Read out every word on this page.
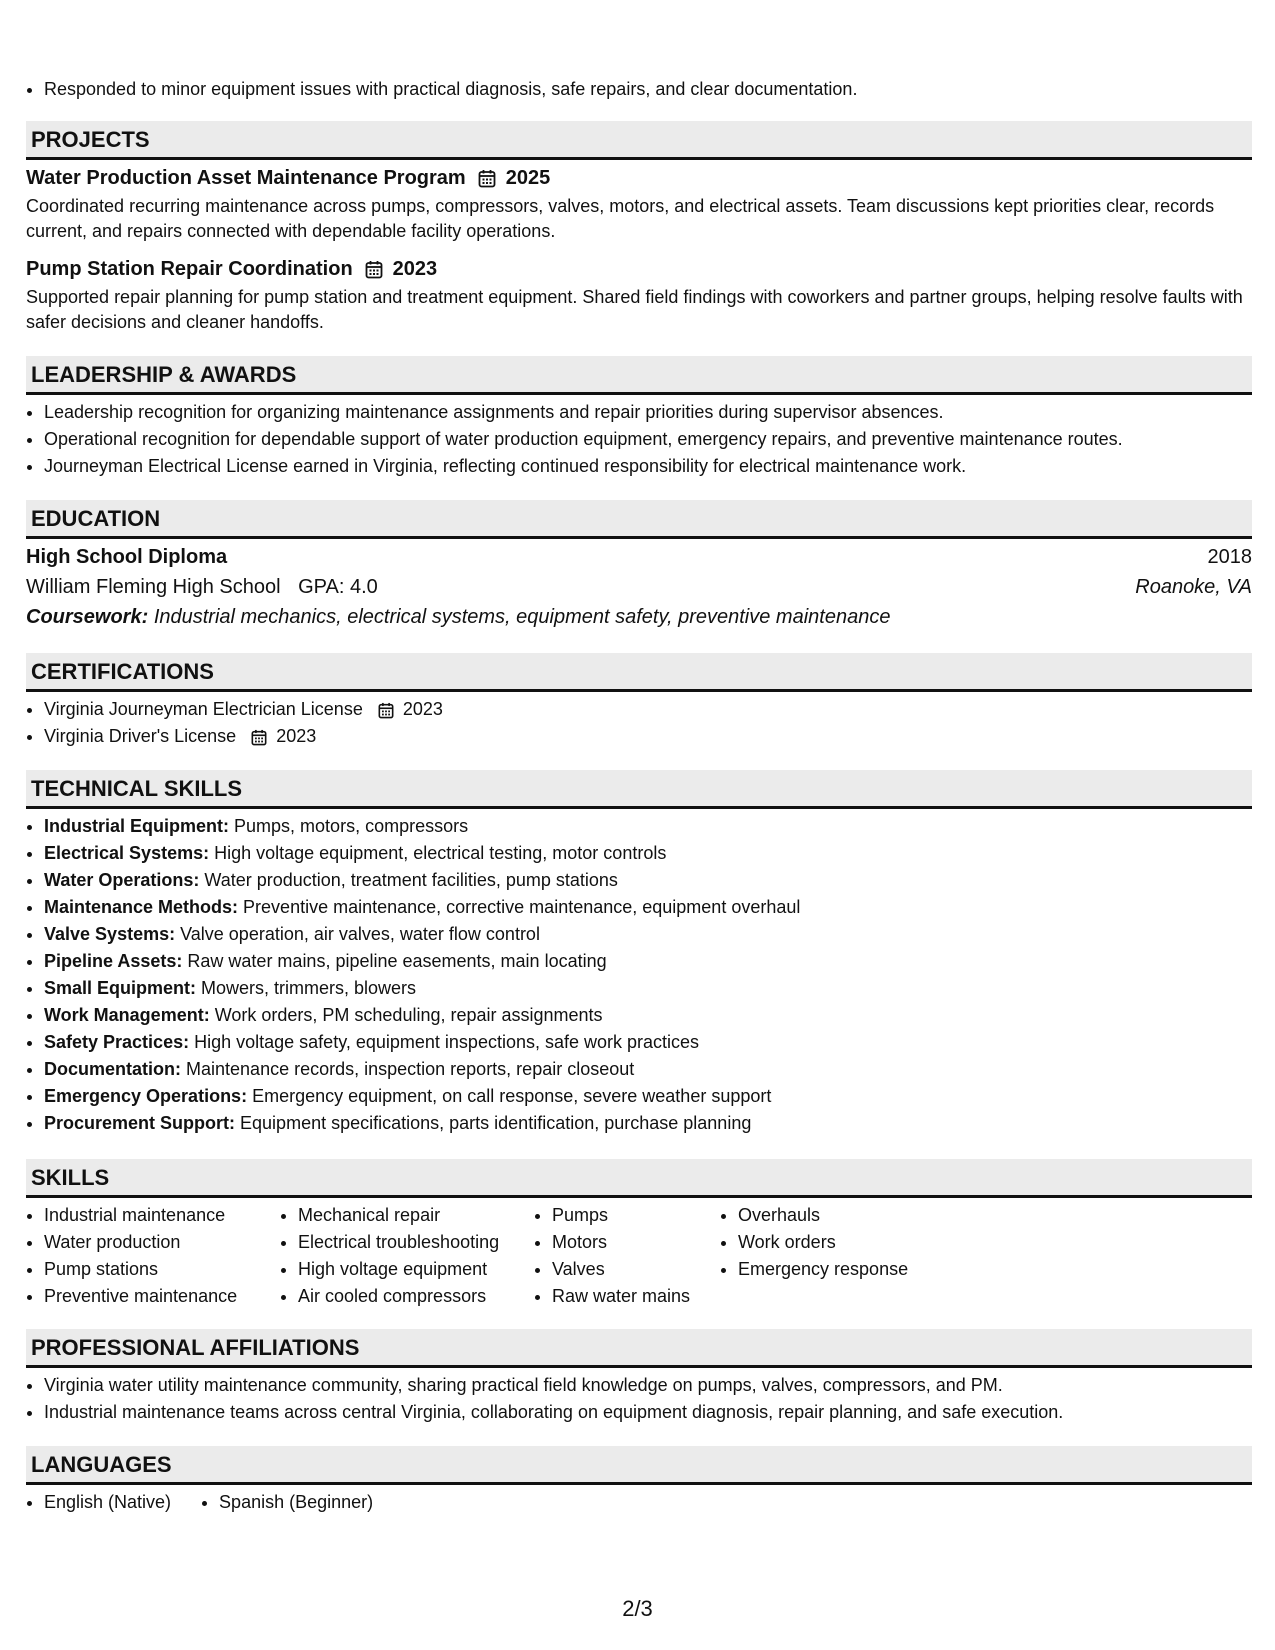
• Responded to minor equipment issues with practical diagnosis, safe repairs, and clear documentation.
PROJECTS
Water Production Asset Maintenance Program 2025
Coordinated recurring maintenance across pumps, compressors, valves, motors, and electrical assets. Team discussions kept priorities clear, records current, and repairs connected with dependable facility operations.
Pump Station Repair Coordination 2023
Supported repair planning for pump station and treatment equipment. Shared field findings with coworkers and partner groups, helping resolve faults with safer decisions and cleaner handoffs.
LEADERSHIP & AWARDS
• Leadership recognition for organizing maintenance assignments and repair priorities during supervisor absences.
• Operational recognition for dependable support of water production equipment, emergency repairs, and preventive maintenance routes.
• Journeyman Electrical License earned in Virginia, reflecting continued responsibility for electrical maintenance work.
EDUCATION
High School Diploma	2018
William Fleming High School GPA: 4.0	Roanoke, VA
Coursework: Industrial mechanics, electrical systems, equipment safety, preventive maintenance
CERTIFICATIONS
• Virginia Journeyman Electrician License 2023
• Virginia Driver's License 2023
TECHNICAL SKILLS
• Industrial Equipment: Pumps, motors, compressors
• Electrical Systems: High voltage equipment, electrical testing, motor controls
• Water Operations: Water production, treatment facilities, pump stations
• Maintenance Methods: Preventive maintenance, corrective maintenance, equipment overhaul
• Valve Systems: Valve operation, air valves, water flow control
• Pipeline Assets: Raw water mains, pipeline easements, main locating
• Small Equipment: Mowers, trimmers, blowers
• Work Management: Work orders, PM scheduling, repair assignments
• Safety Practices: High voltage safety, equipment inspections, safe work practices
• Documentation: Maintenance records, inspection reports, repair closeout
• Emergency Operations: Emergency equipment, on call response, severe weather support
• Procurement Support: Equipment specifications, parts identification, purchase planning
SKILLS
• Industrial maintenance
• Water production
• Pump stations
• Preventive maintenance
• Mechanical repair
• Electrical troubleshooting
• High voltage equipment
• Air cooled compressors
• Pumps
• Motors
• Valves
• Raw water mains
• Overhauls
• Work orders
• Emergency response
PROFESSIONAL AFFILIATIONS
• Virginia water utility maintenance community, sharing practical field knowledge on pumps, valves, compressors, and PM.
• Industrial maintenance teams across central Virginia, collaborating on equipment diagnosis, repair planning, and safe execution.
LANGUAGES
• English (Native)
•	Spanish (Beginner)
2/3
